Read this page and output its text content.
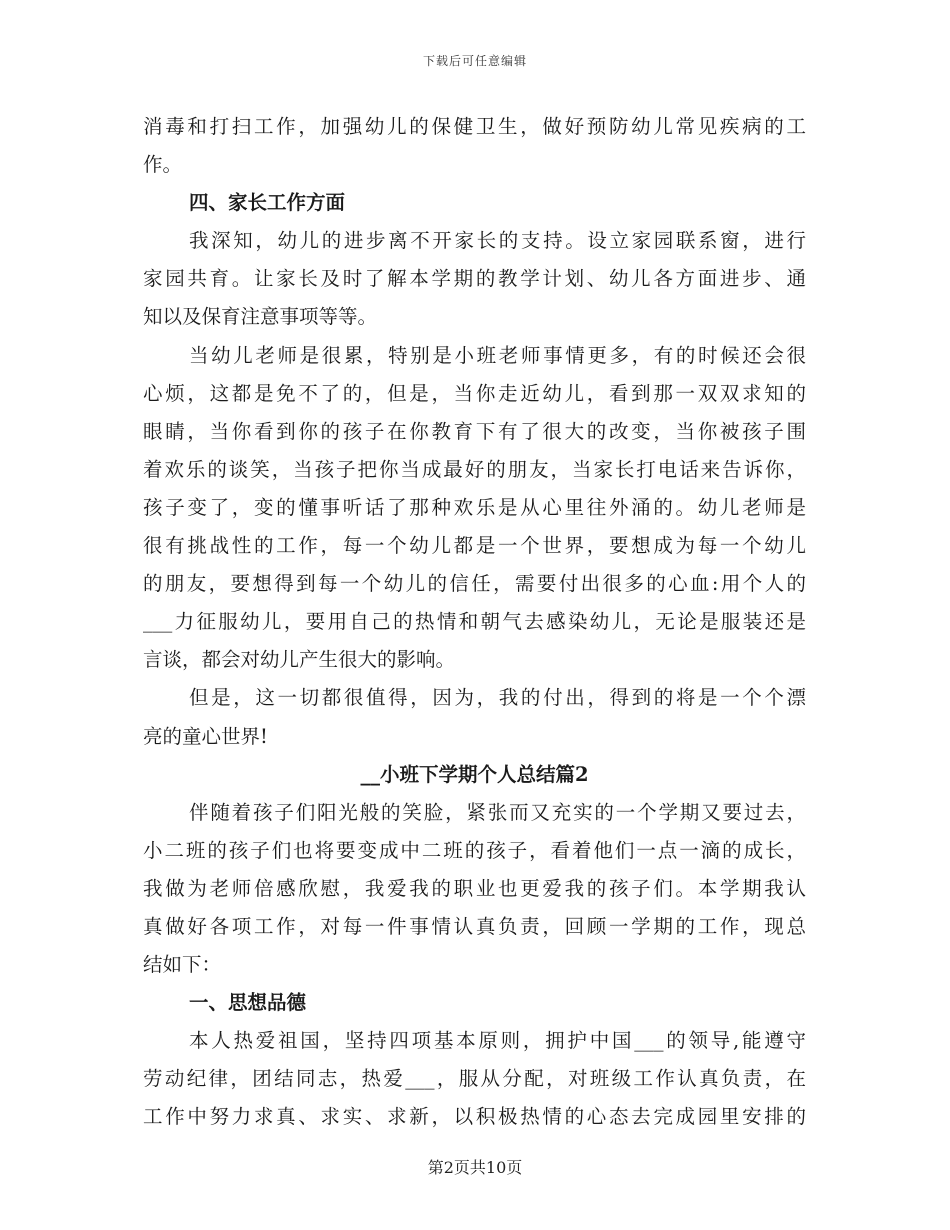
下载后可任意编辑
消毒和打扫工作，加强幼儿的保健卫生，做好预防幼儿常见疾病的工
作。
四、家长工作方面
我深知，幼儿的进步离不开家长的支持。设立家园联系窗，进行
家园共育。让家长及时了解本学期的教学计划、幼儿各方面进步、通
知以及保育注意事项等等。
当幼儿老师是很累，特别是小班老师事情更多，有的时候还会很
心烦，这都是免不了的，但是，当你走近幼儿，看到那一双双求知的
眼睛，当你看到你的孩子在你教育下有了很大的改变，当你被孩子围
着欢乐的谈笑，当孩子把你当成最好的朋友，当家长打电话来告诉你，
孩子变了，变的懂事听话了那种欢乐是从心里往外涌的。幼儿老师是
很有挑战性的工作，每一个幼儿都是一个世界，要想成为每一个幼儿
的朋友，要想得到每一个幼儿的信任，需要付出很多的心血:用个人的
___力征服幼儿，要用自己的热情和朝气去感染幼儿，无论是服装还是
言谈，都会对幼儿产生很大的影响。
但是，这一切都很值得，因为，我的付出，得到的将是一个个漂
亮的童心世界!
__小班下学期个人总结篇2
伴随着孩子们阳光般的笑脸，紧张而又充实的一个学期又要过去，
小二班的孩子们也将要变成中二班的孩子，看着他们一点一滴的成长，
我做为老师倍感欣慰，我爱我的职业也更爱我的孩子们。本学期我认
真做好各项工作，对每一件事情认真负责，回顾一学期的工作，现总
结如下：
一、思想品德
本人热爱祖国，坚持四项基本原则，拥护中国___的领导,能遵守
劳动纪律，团结同志，热爱___，服从分配，对班级工作认真负责，在
工作中努力求真、求实、求新，以积极热情的心态去完成园里安排的
第2页共10页
